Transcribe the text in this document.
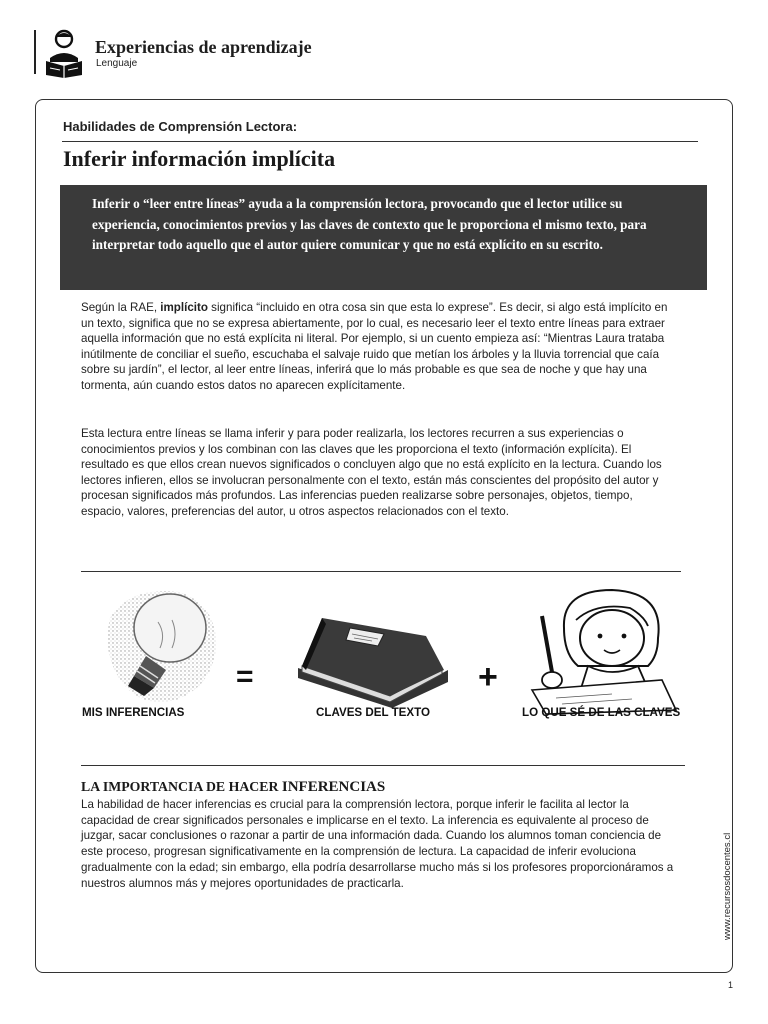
Experiencias de aprendizaje
Lenguaje
Habilidades de Comprensión Lectora:
Inferir información implícita
Inferir o “leer entre líneas” ayuda a la comprensión lectora, provocando que el lector utilice su experiencia, conocimientos previos y las claves de contexto que le proporciona el mismo texto, para interpretar todo aquello que el autor quiere comunicar y que no está explícito en su escrito.
Según la RAE, implícito significa “incluido en otra cosa sin que esta lo exprese”. Es decir, si algo está implícito en un texto, significa que no se expresa abiertamente, por lo cual, es necesario leer el texto entre líneas para extraer aquella información que no está explícita ni literal. Por ejemplo, si un cuento empieza así: “Mientras Laura trataba inútilmente de conciliar el sueño, escuchaba el salvaje ruido que metían los árboles y la lluvia torrencial que caía sobre su jardín”, el lector, al leer entre líneas, inferirá que lo más probable es que sea de noche y que hay una tormenta, aún cuando estos datos no aparecen explícitamente.
Esta lectura entre líneas se llama inferir y para poder realizarla, los lectores recurren a sus experiencias o conocimientos previos y los combinan con las claves que les proporciona el texto (información explícita). El resultado es que ellos crean nuevos significados o concluyen algo que no está explícito en la lectura. Cuando los lectores infieren, ellos se involucran personalmente con el texto, están más conscientes del propósito del autor y procesan significados más profundos. Las inferencias pueden realizarse sobre personajes, objetos, tiempo, espacio, valores, preferencias del autor, u otros aspectos relacionados con el texto.
=	+
MIS INFERENCIAS	CLAVES DEL TEXTO	LO QUE SÉ DE LAS CLAVES
LA IMPORTANCIA DE HACER INFERENCIAS
La habilidad de hacer inferencias es crucial para la comprensión lectora, porque inferir le facilita al lector la capacidad de crear significados personales e implicarse en el texto. La inferencia es equivalente al proceso de juzgar, sacar conclusiones o razonar a partir de una información dada. Cuando los alumnos toman conciencia de este proceso, progresan significativamente en la comprensión de lectura. La capacidad de inferir evoluciona gradualmente con la edad; sin embargo, ella podría desarrollarse mucho más si los profesores proporcionáramos a nuestros alumnos más y mejores oportunidades de practicarla.	www.recursosdocentes.cl
1
